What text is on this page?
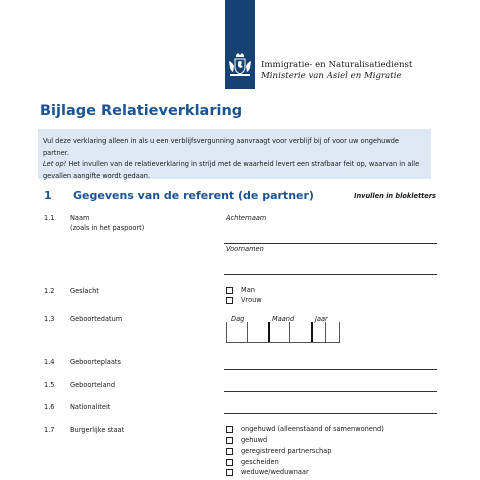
Immigratie- en Naturalisatiedienst
Ministerie van Asiel en Migratie
Bijlage Relatieverklaring
Vul deze verklaring alleen in als u een verblijfsvergunning aanvraagt voor verblijf bij of voor uw ongehuwde partner.
Let op! Het invullen van de relatieverklaring in strijd met de waarheid levert een strafbaar feit op, waarvan in alle
gevallen aangifte wordt gedaan.
1 Gegevens van de referent (de partner)	Invullen in blokletters
1.1 Naam
(zoals in het paspoort)
Achternaam
Voornamen
1.2 Geslacht	Man
Vrouw
1.3 Geboortedatum	Dag	Maand	Jaar
1.4 Geboorteplaats
1.5 Geboorteland
1.6 Nationaliteit
1.7 Burgerlijke staat	ongehuwd (alleenstaand of samenwonend)
gehuwd
geregistreerd partnerschap
gescheiden
weduwe/weduwnaar
